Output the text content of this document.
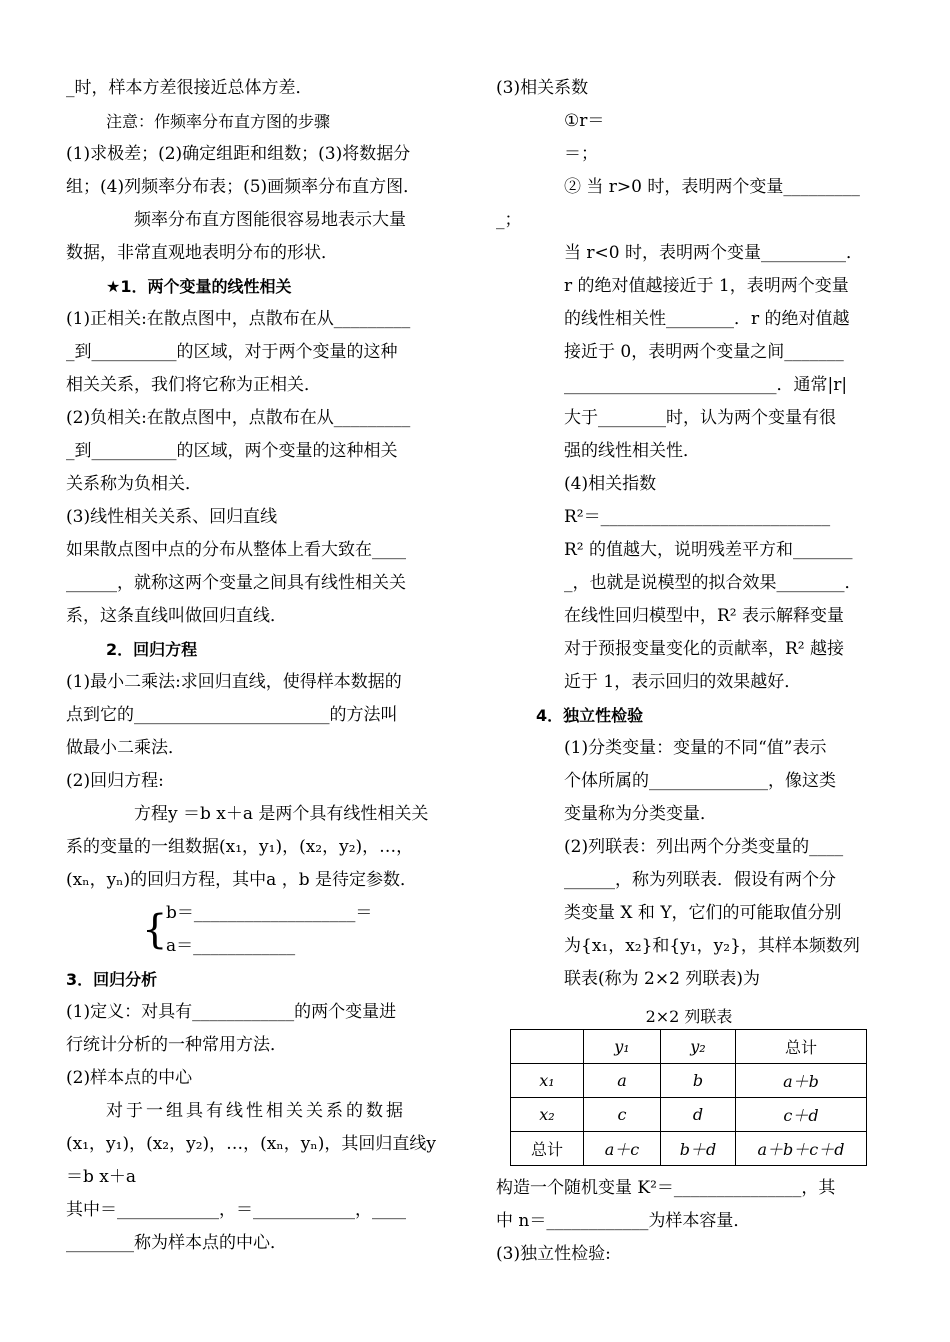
_时，样本方差很接近总体方差．
注意：作频率分布直方图的步骤
(1)求极差；(2)确定组距和组数；(3)将数据分
组；(4)列频率分布表；(5)画频率分布直方图．
频率分布直方图能很容易地表示大量
数据，非常直观地表明分布的形状．
★1．两个变量的线性相关
(1)正相关:在散点图中，点散布在从_________
_到__________的区域，对于两个变量的这种
相关关系，我们将它称为正相关．
(2)负相关:在散点图中，点散布在从_________
_到__________的区域，两个变量的这种相关
关系称为负相关．
(3)线性相关关系、回归直线
如果散点图中点的分布从整体上看大致在____
______，就称这两个变量之间具有线性相关关
系，这条直线叫做回归直线．
2．回归方程
(1)最小二乘法:求回归直线，使得样本数据的
点到它的_______________________的方法叫
做最小二乘法．
(2)回归方程:
方程y ＝b x＋a 是两个具有线性相关关
系的变量的一组数据(x₁，y₁)，(x₂，y₂)，…，
(xₙ，yₙ)的回归方程，其中a ，b 是待定参数．
{
b＝___________________＝
a＝____________
3．回归分析
(1)定义：对具有____________的两个变量进
行统计分析的一种常用方法．
(2)样本点的中心
对于一组具有线性相关关系的数据
(x₁，y₁)，(x₂，y₂)，…，(xₙ，yₙ)，其回归直线y
＝b x＋a
其中＝____________，＝____________，____
________称为样本点的中心．
(3)相关系数
①r＝
＝；
② 当 r>0 时，表明两个变量_________
_；
当 r<0 时，表明两个变量__________．
r 的绝对值越接近于 1，表明两个变量
的线性相关性________．r 的绝对值越
接近于 0，表明两个变量之间_______
_________________________．通常|r|
大于________时，认为两个变量有很
强的线性相关性．
(4)相关指数
R²＝___________________________
R² 的值越大，说明残差平方和_______
_，也就是说模型的拟合效果________．
在线性回归模型中，R² 表示解释变量
对于预报变量变化的贡献率，R² 越接
近于 1，表示回归的效果越好．
4．独立性检验
(1)分类变量：变量的不同“值”表示
个体所属的______________，像这类
变量称为分类变量．
(2)列联表：列出两个分类变量的____
______，称为列联表．假设有两个分
类变量 X 和 Y，它们的可能取值分别
为{x₁，x₂}和{y₁，y₂}，其样本频数列
联表(称为 2×2 列联表)为
2×2 列联表
	y₁	y₂	总计
x₁	a	b	a＋b
x₂	c	d	c＋d
总计	a＋c	b＋d	a＋b＋c＋d
构造一个随机变量 K²＝_______________，其
中 n＝____________为样本容量．
(3)独立性检验:
